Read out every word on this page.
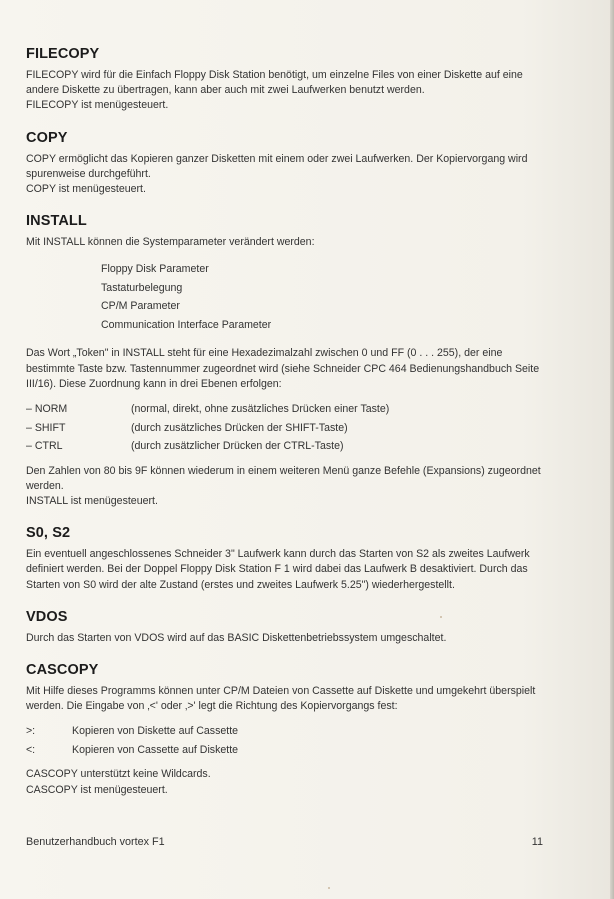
FILECOPY

FILECOPY wird für die Einfach Floppy Disk Station benötigt, um einzelne Files von einer Diskette auf eine andere Diskette zu übertragen, kann aber auch mit zwei Laufwerken benutzt werden.

FILECOPY ist menügesteuert.

COPY

COPY ermöglicht das Kopieren ganzer Disketten mit einem oder zwei Laufwerken. Der Kopiervorgang wird spurenweise durchgeführt.

COPY ist menügesteuert.

INSTALL

Mit INSTALL können die Systemparameter verändert werden:

Floppy Disk Parameter
Tastaturbelegung
CP/M Parameter
Communication Interface Parameter

Das Wort „Token" in INSTALL steht für eine Hexadezimalzahl zwischen 0 und FF (0 . . . 255), der eine bestimmte Taste bzw. Tastennummer zugeordnet wird (siehe Schneider CPC 464 Bedienungshandbuch Seite III/16). Diese Zuordnung kann in drei Ebenen erfolgen:

– NORM	(normal, direkt, ohne zusätzliches Drücken einer Taste)
– SHIFT	(durch zusätzliches Drücken der SHIFT-Taste)
– CTRL	(durch zusätzlicher Drücken der CTRL-Taste)

Den Zahlen von 80 bis 9F können wiederum in einem weiteren Menü ganze Befehle (Expansions) zugeordnet werden.

INSTALL ist menügesteuert.

S0, S2

Ein eventuell angeschlossenes Schneider 3" Laufwerk kann durch das Starten von S2 als zweites Laufwerk definiert werden. Bei der Doppel Floppy Disk Station F 1 wird dabei das Laufwerk B desaktiviert. Durch das Starten von S0 wird der alte Zustand (erstes und zweites Laufwerk 5.25") wiederhergestellt.

VDOS

Durch das Starten von VDOS wird auf das BASIC Diskettenbetriebssystem umgeschaltet.

CASCOPY

Mit Hilfe dieses Programms können unter CP/M Dateien von Cassette auf Diskette und umgekehrt überspielt werden. Die Eingabe von ‚<' oder ‚>' legt die Richtung des Kopiervorgangs fest:

>:	Kopieren von Diskette auf Cassette
<:	Kopieren von Cassette auf Diskette

CASCOPY unterstützt keine Wildcards.

CASCOPY ist menügesteuert.

Benutzerhandbuch vortex F1	11
